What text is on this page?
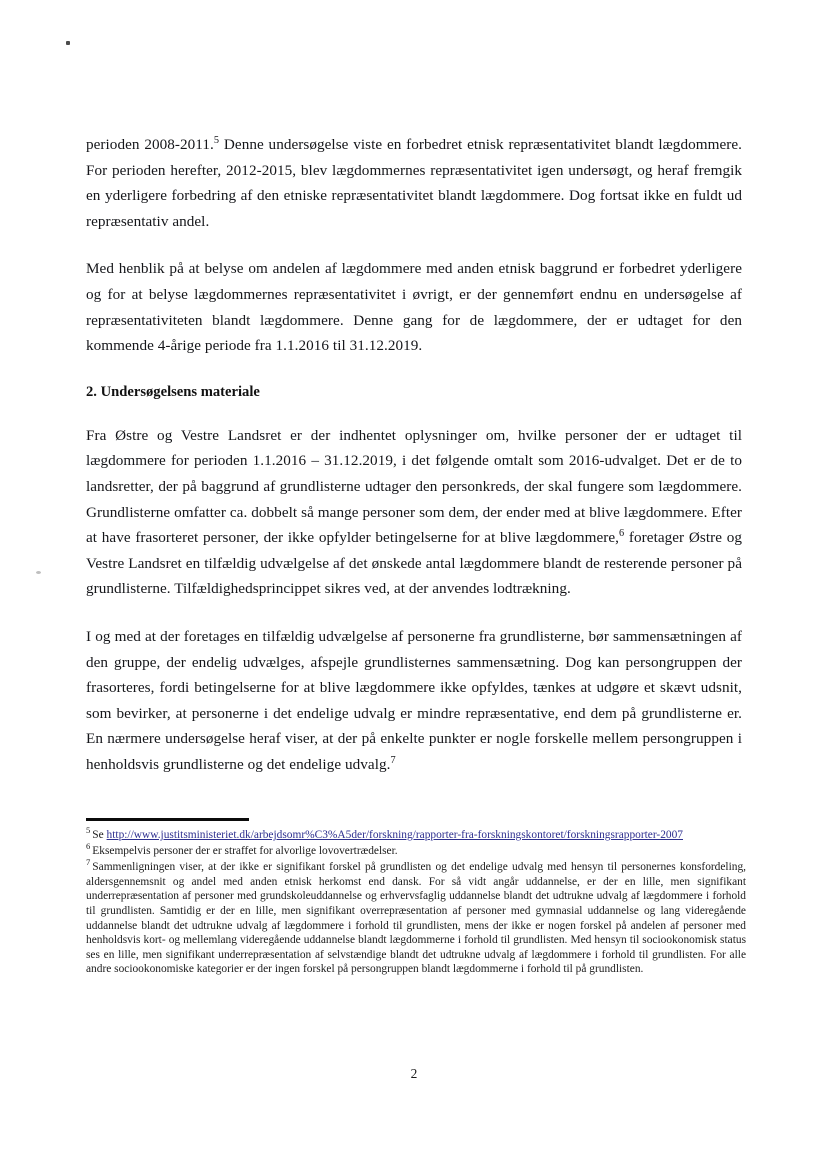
perioden 2008-2011.$^5$ Denne undersøgelse viste en forbedret etnisk repræsentativitet blandt lægdommere. For perioden herefter, 2012-2015, blev lægdommernes repræsentativitet igen undersøgt, og heraf fremgik en yderligere forbedring af den etniske repræsentativitet blandt lægdommere. Dog fortsat ikke en fuldt ud repræsentativ andel.

Med henblik på at belyse om andelen af lægdommere med anden etnisk baggrund er forbedret yderligere og for at belyse lægdommernes repræsentativitet i øvrigt, er der gennemført endnu en undersøgelse af repræsentativiteten blandt lægdommere. Denne gang for de lægdommere, der er udtaget for den kommende 4-årige periode fra 1.1.2016 til 31.12.2019.

2. Undersøgelsens materiale

Fra Østre og Vestre Landsret er der indhentet oplysninger om, hvilke personer der er udtaget til lægdommere for perioden 1.1.2016 – 31.12.2019, i det følgende omtalt som 2016-udvalget. Det er de to landsretter, der på baggrund af grundlisterne udtager den personkreds, der skal fungere som lægdommere. Grundlisterne omfatter ca. dobbelt så mange personer som dem, der ender med at blive lægdommere. Efter at have frasorteret personer, der ikke opfylder betingelserne for at blive lægdommere,$^6$ foretager Østre og Vestre Landsret en tilfældig udvælgelse af det ønskede antal lægdommere blandt de resterende personer på grundlisterne. Tilfældighedsprincippet sikres ved, at der anvendes lodtrækning.

I og med at der foretages en tilfældig udvælgelse af personerne fra grundlisterne, bør sammensætningen af den gruppe, der endelig udvælges, afspejle grundlisternes sammensætning. Dog kan persongruppen der frasorteres, fordi betingelserne for at blive lægdommere ikke opfyldes, tænkes at udgøre et skævt udsnit, som bevirker, at personerne i det endelige udvalg er mindre repræsentative, end dem på grundlisterne er. En nærmere undersøgelse heraf viser, at der på enkelte punkter er nogle forskelle mellem persongruppen i henholdsvis grundlisterne og det endelige udvalg.$^7$

$^5$ Se http://www.justitsministeriet.dk/arbejdsomr%C3%A5der/forskning/rapporter-fra-forskningskontoret/forskningsrapporter-2007

$^6$ Eksempelvis personer der er straffet for alvorlige lovovertrædelser.

$^7$ Sammenligningen viser, at der ikke er signifikant forskel på grundlisten og det endelige udvalg med hensyn til personernes konsfordeling, aldersgennemsnit og andel med anden etnisk herkomst end dansk. For så vidt angår uddannelse, er der en lille, men signifikant underrepræsentation af personer med grundskoleuddannelse og erhvervsfaglig uddannelse blandt det udtrukne udvalg af lægdommere i forhold til grundlisten. Samtidig er der en lille, men signifikant overrepræsentation af personer med gymnasial uddannelse og lang videregående uddannelse blandt det udtrukne udvalg af lægdommere i forhold til grundlisten, mens der ikke er nogen forskel på andelen af personer med henholdsvis kort- og mellemlang videregående uddannelse blandt lægdommerne i forhold til grundlisten. Med hensyn til sociookonomisk status ses en lille, men signifikant underrepræsentation af selvstændige blandt det udtrukne udvalg af lægdommere i forhold til grundlisten. For alle andre sociookonomiske kategorier er der ingen forskel på persongruppen blandt lægdommerne i forhold til på grundlisten.

2
